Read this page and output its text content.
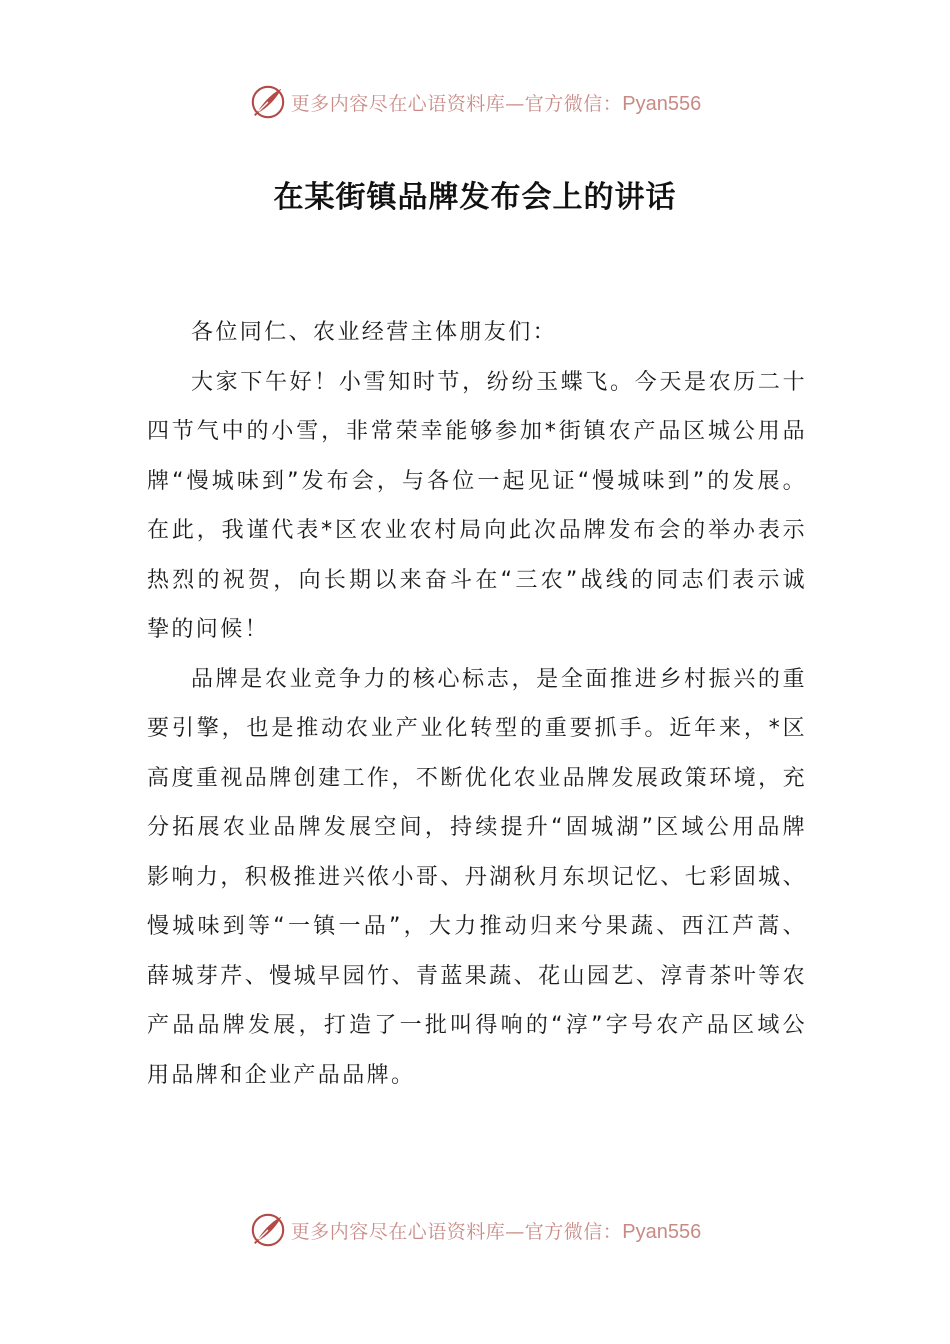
更多内容尽在心语资料库—官方微信：Pyan556
在某街镇品牌发布会上的讲话

各位同仁、农业经营主体朋友们：

大家下午好！小雪知时节，纷纷玉蝶飞。今天是农历二十四节气中的小雪，非常荣幸能够参加*街镇农产品区城公用品牌“慢城味到”发布会，与各位一起见证“慢城味到”的发展。在此，我谨代表*区农业农村局向此次品牌发布会的举办表示热烈的祝贺，向长期以来奋斗在“三农”战线的同志们表示诚挚的问候！

品牌是农业竞争力的核心标志，是全面推进乡村振兴的重要引擎，也是推动农业产业化转型的重要抓手。近年来，*区高度重视品牌创建工作，不断优化农业品牌发展政策环境，充分拓展农业品牌发展空间，持续提升“固城湖”区域公用品牌影响力，积极推进兴侬小哥、丹湖秋月东坝记忆、七彩固城、慢城味到等“一镇一品”，大力推动归来兮果蔬、西江芦蒿、薛城芽芹、慢城早园竹、青蓝果蔬、花山园艺、淳青茶叶等农产品品牌发展，打造了一批叫得响的“淳”字号农产品区域公用品牌和企业产品品牌。

更多内容尽在心语资料库—官方微信：Pyan556
